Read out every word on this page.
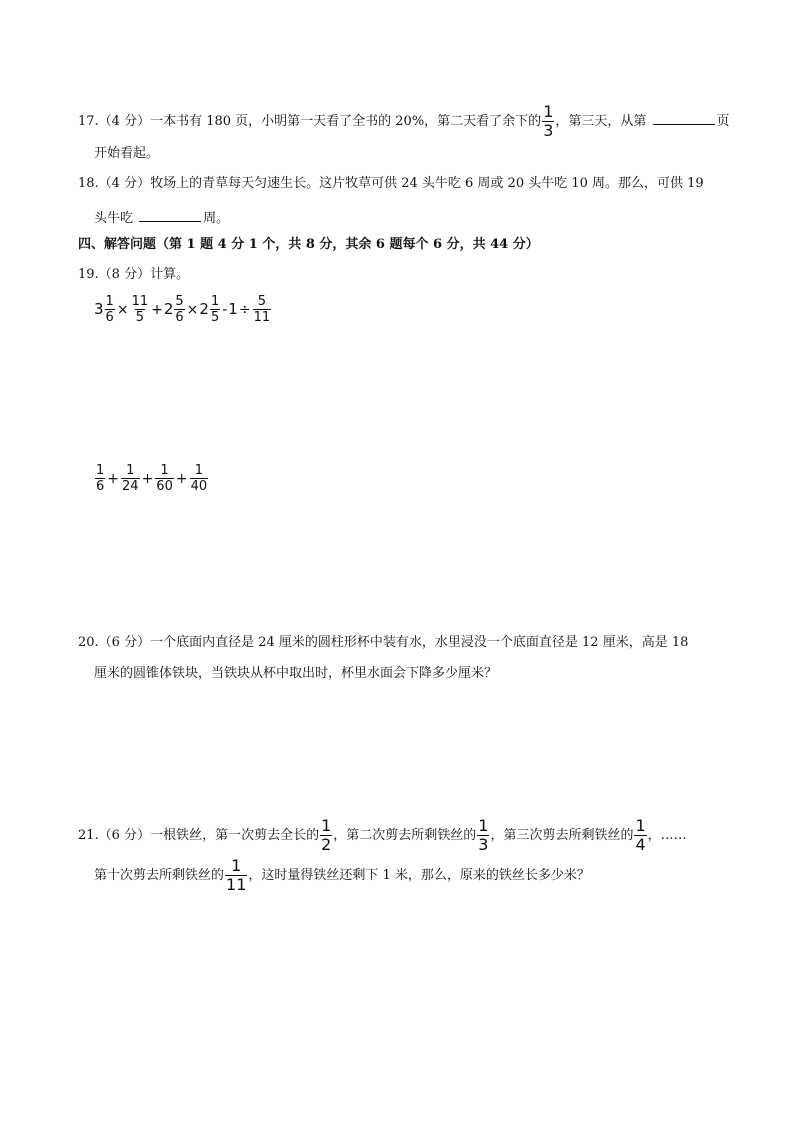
17.（4 分）一本书有 180 页，小明第一天看了全书的 20%，第二天看了余下的 $\frac{1}{3}$ ，第三天，从第	页
开始看起。
18.（4 分）牧场上的青草每天匀速生长。这片牧草可供 24 头牛吃 6 周或 20 头牛吃 10 周。那么，可供 19
头牛吃	周。
四、解答问题（第 1 题 4 分 1 个，共 8 分，其余 6 题每个 6 分，共 44 分）
19.（8 分）计算。
$3 \frac{1}{6} \times \frac{11}{5} + 2 \frac{5}{6} \times 2 \frac{1}{5} - 1 \div \frac{5}{11}$
$\frac{1}{6} + \frac{1}{24} + \frac{1}{60} + \frac{1}{40}$
20.（6 分）一个底面内直径是 24 厘米的圆柱形杯中装有水，水里浸没一个底面直径是 12 厘米，高是 18
厘米的圆锥体铁块，当铁块从杯中取出时，杯里水面会下降多少厘米？
21.（6 分）一根铁丝，第一次剪去全长的 $\frac{1}{2}$ ，第二次剪去所剩铁丝的 $\frac{1}{3}$ ，第三次剪去所剩铁丝的 $\frac{1}{4}$ ，……
第十次剪去所剩铁丝的 $\frac{1}{11}$ ，这时量得铁丝还剩下 1 米，那么，原来的铁丝长多少米？
